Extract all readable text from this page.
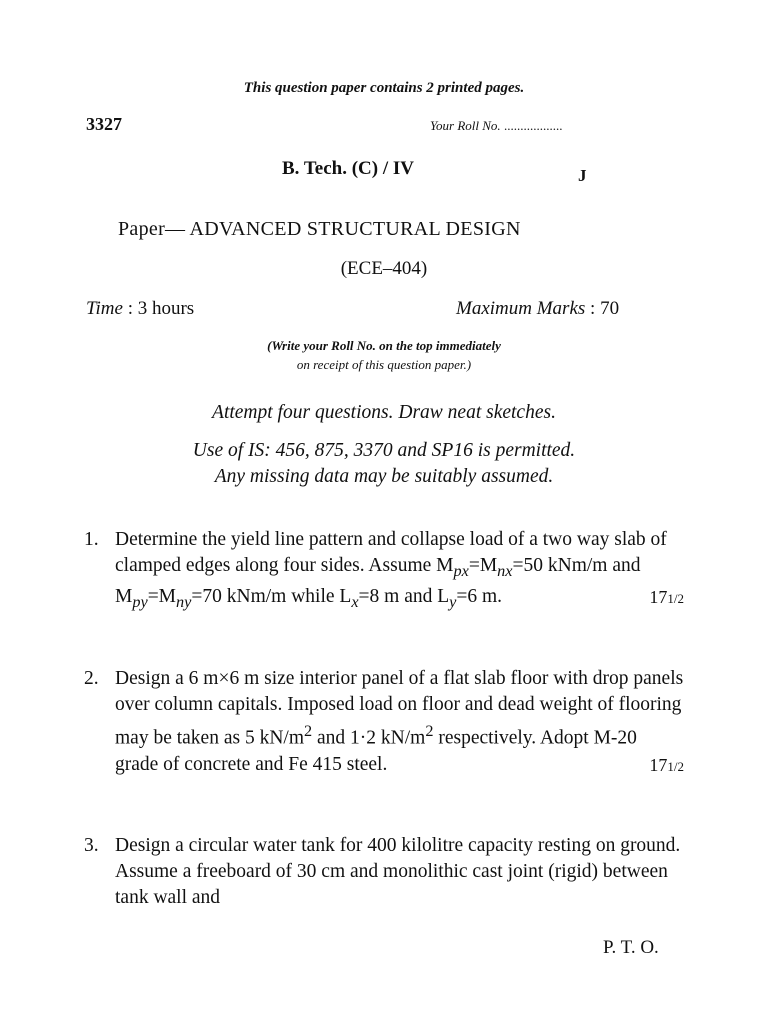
This question paper contains 2 printed pages.
3327	Your Roll No. ..................
B. Tech. (C) / IV	J
Paper— ADVANCED STRUCTURAL DESIGN
(ECE–404)
Time : 3 hours	Maximum Marks : 70
(Write your Roll No. on the top immediately
on receipt of this question paper.)
Attempt four questions. Draw neat sketches.
Use of IS: 456, 875, 3370 and SP16 is permitted.
Any missing data may be suitably assumed.
1. Determine the yield line pattern and collapse load of a two way slab of clamped edges along four sides. Assume $M_{px}=M_{nx}=50$ kNm/m and $M_{py}=M_{ny}=70$ kNm/m while $L_x=8$ m and $L_y=6$ m.	171/2
2. Design a 6 m×6 m size interior panel of a flat slab floor with drop panels over column capitals. Imposed load on floor and dead weight of flooring may be taken as 5 $kN/m^2$ and 1·2 $kN/m^2$ respectively. Adopt M-20 grade of concrete and Fe 415 steel.	171/2
3. Design a circular water tank for 400 kilolitre capacity resting on ground. Assume a freeboard of 30 cm and monolithic cast joint (rigid) between tank wall and
P. T. O.
